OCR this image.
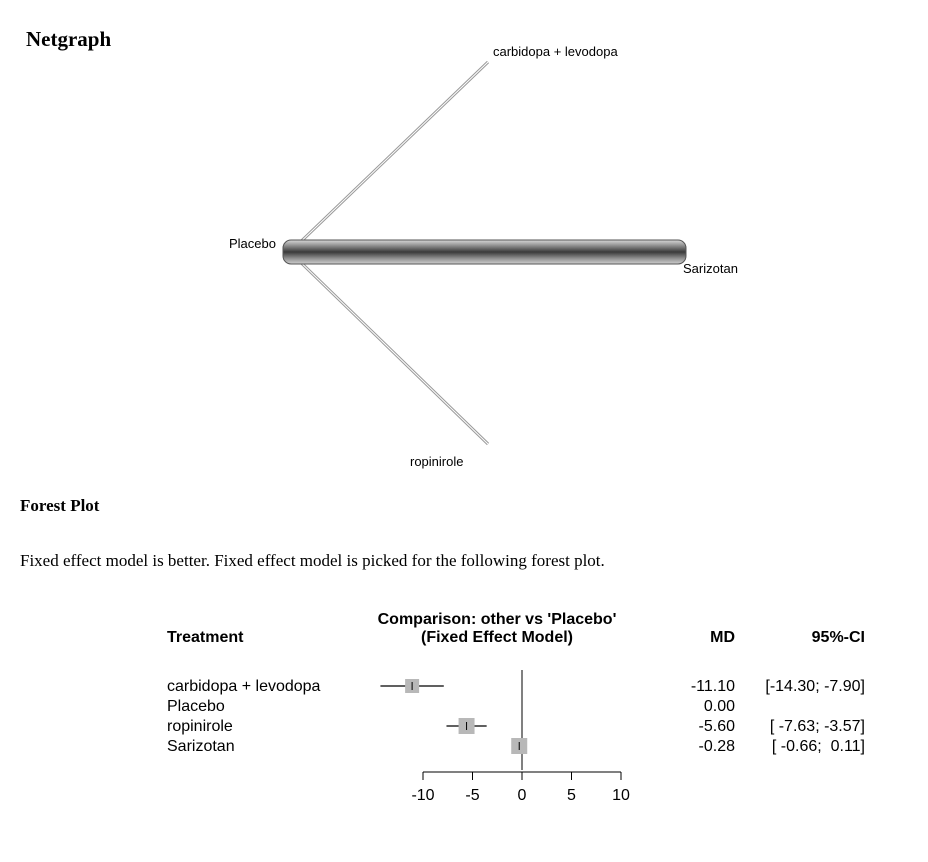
Netgraph
carbidopa + levodopa
Placebo
Sarizotan
ropinirole
Forest Plot
Fixed effect model is better. Fixed effect model is picked for the following forest plot.
Comparison: other vs 'Placebo'
(Fixed Effect Model)
Treatment	MD	95%-CI
carbidopa + levodopa	-11.10 [-14.30; -7.90]
Placebo	0.00
ropinirole	-5.60 [ -7.63; -3.57]
Sarizotan	-0.28 [ -0.66;  0.11]
-10 -5 0	5 10
